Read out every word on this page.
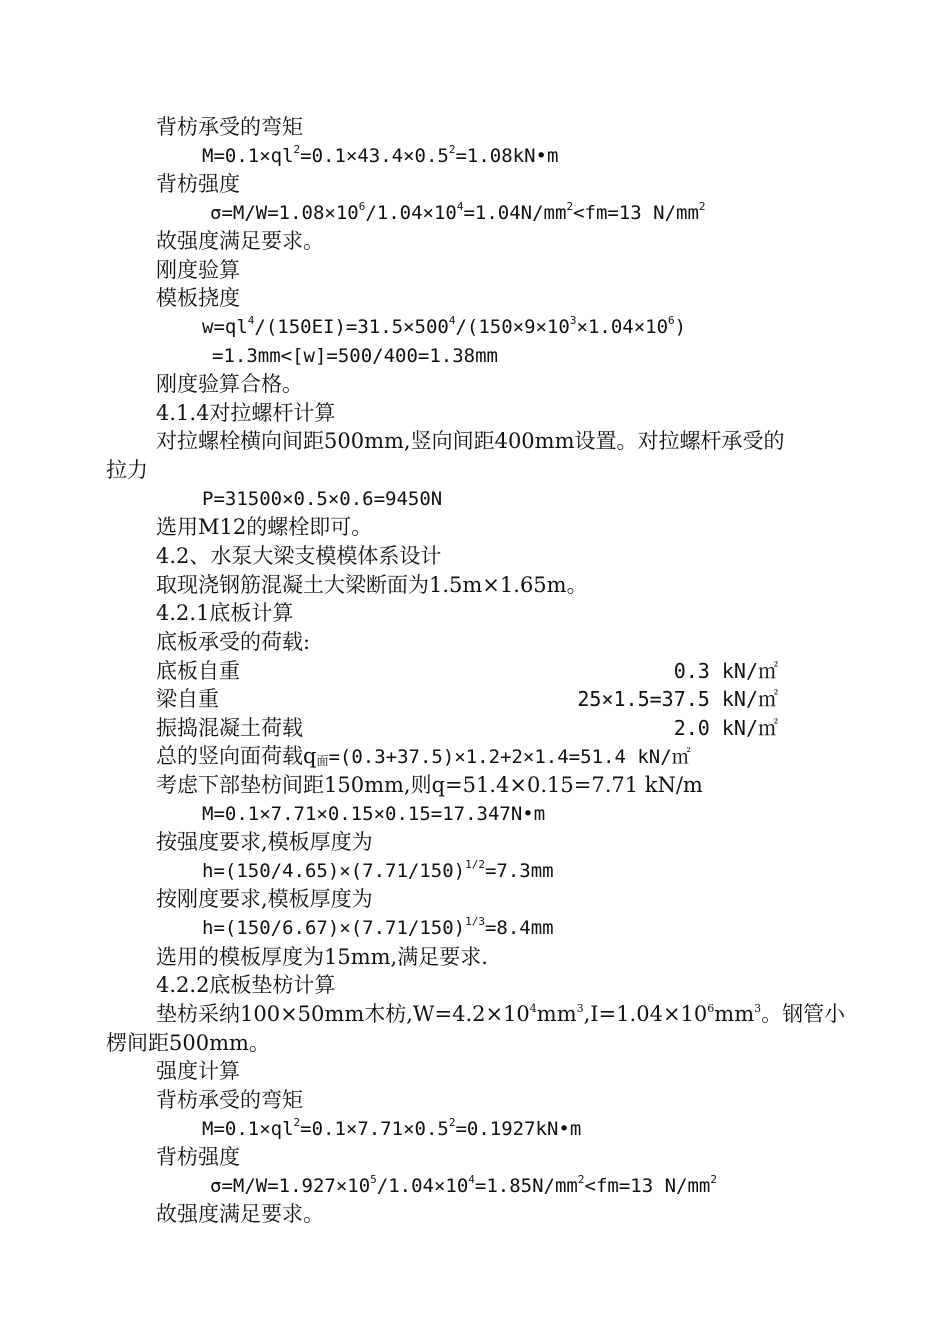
背枋承受的弯矩
$M=0.1\times ql^2=0.1\times 43.4\times 0.5^2=1.08kN•m$
背枋强度
$\sigma=M/W=1.08\times 10^6/1.04\times 10^4=1.04N/mm^2<fm=13$ $N/mm^2$
故强度满足要求。
刚度验算
模板挠度
$w=ql^4/(150EI)=31.5\times 500^4/(150\times 9\times 10^3\times 1.04\times 10^6)$
=1.3mm<[w]=500/400=1.38mm
刚度验算合格。
4.1.4对拉螺杆计算
对拉螺栓横向间距500mm,竖向间距400mm设置。对拉螺杆承受的
拉力
P=31500×0.5×0.6=9450N
选用M12的螺栓即可。
4.2、水泵大梁支模模体系设计
取现浇钢筋混凝土大梁断面为1.5m×1.65m。
4.2.1底板计算
底板承受的荷载:
底板自重	0.3 kN/㎡
梁自重	25×1.5=37.5 kN/㎡
振捣混凝土荷载	2.0 kN/㎡
总的竖向面荷载$q_面=(0.3+37.5)\times 1.2+2\times 1.4=51.4$ kN/㎡
考虑下部垫枋间距150mm,则q=51.4×0.15=7.71 kN/m
M=0.1×7.71×0.15×0.15=17.347N•m
按强度要求,模板厚度为
$h=(150/4.65)\times(7.71/150)^{1/2}=7.3mm$
按刚度要求,模板厚度为
$h=(150/6.67)\times(7.71/150)^{1/3}=8.4mm$
选用的模板厚度为15mm,满足要求.
4.2.2底板垫枋计算
垫枋采纳100×50mm木枋$,W=4.2\times 10^4mm^3,I=1.04\times 10^6mm^3$。钢管小
楞间距500mm。
强度计算
背枋承受的弯矩
$M=0.1\times ql^2=0.1\times 7.71\times 0.5^2=0.1927kN•m$
背枋强度
$\sigma=M/W=1.927\times 10^5/1.04\times 10^4=1.85N/mm^2<fm=13$ $N/mm^2$
故强度满足要求。
